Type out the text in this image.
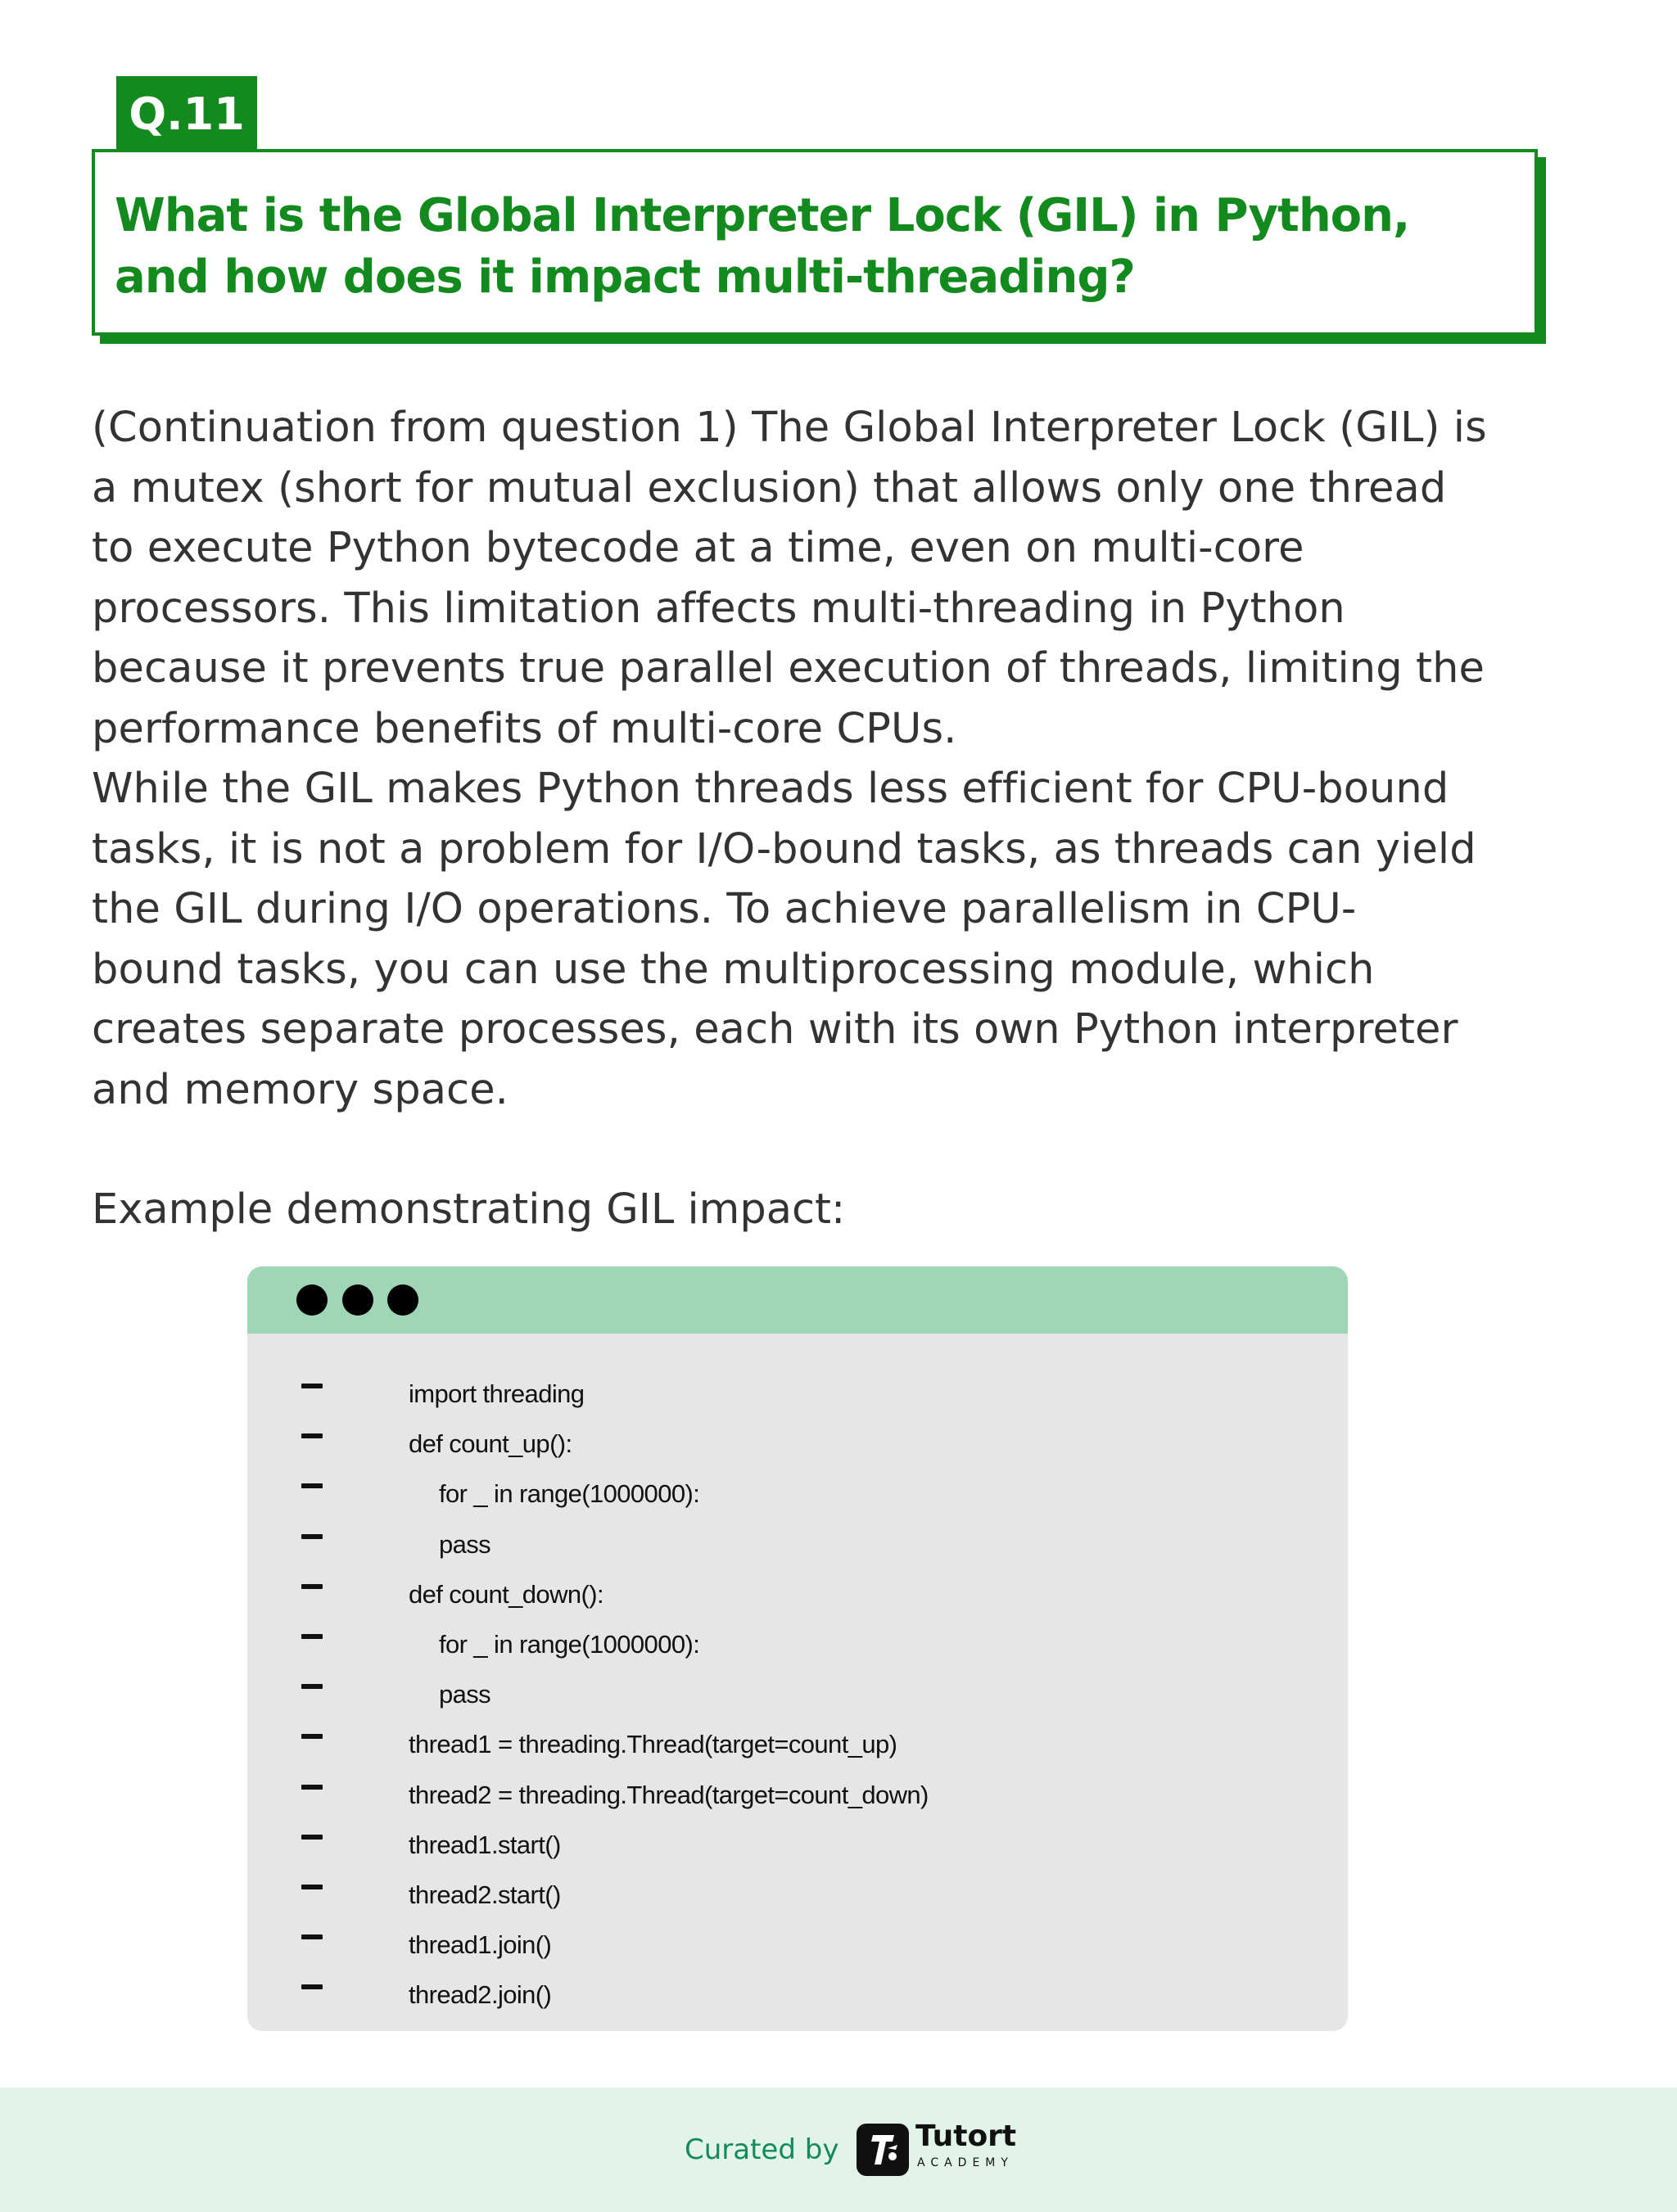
Q.11
What is the Global Interpreter Lock (GIL) in Python,
and how does it impact multi-threading?
(Continuation from question 1) The Global Interpreter Lock (GIL) is
a mutex (short for mutual exclusion) that allows only one thread
to execute Python bytecode at a time, even on multi-core
processors. This limitation affects multi-threading in Python
because it prevents true parallel execution of threads, limiting the
performance benefits of multi-core CPUs.
While the GIL makes Python threads less efficient for CPU-bound
tasks, it is not a problem for I/O-bound tasks, as threads can yield
the GIL during I/O operations. To achieve parallelism in CPU-
bound tasks, you can use the multiprocessing module, which
creates separate processes, each with its own Python interpreter
and memory space.
Example demonstrating GIL impact:
import threading
def count_up():
for _ in range(1000000):
pass
def count_down():
for _ in range(1000000):
pass
thread1 = threading.Thread(target=count_up)
thread2 = threading.Thread(target=count_down)
thread1.start()
thread2.start()
thread1.join()
thread2.join()
Curated by	Tutort
ACADEMY
